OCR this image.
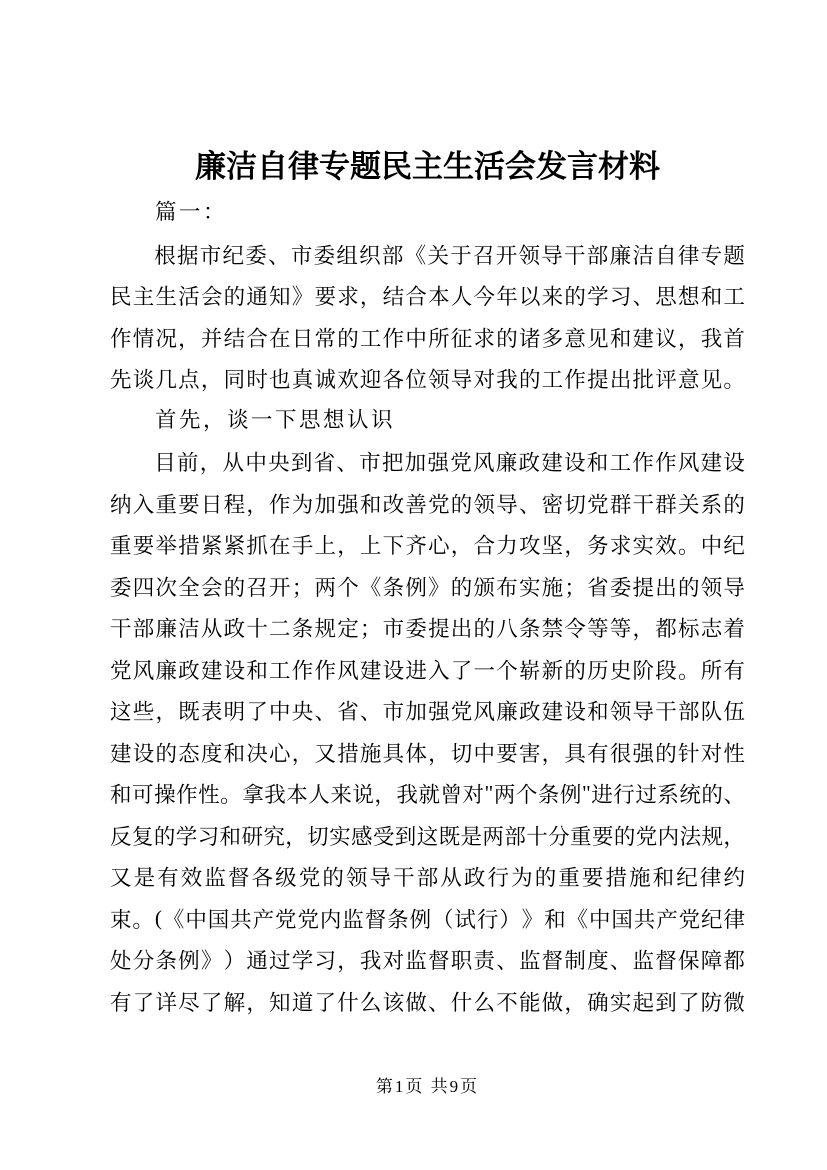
廉洁自律专题民主生活会发言材料
篇一：
根 据 市 纪 委 、 市 委 组 织 部 《 关 于 召 开 领 导 干 部 廉 洁 自 律 专 题
民 主 生 活 会 的 通 知 》 要 求 ， 结 合 本 人 今 年 以 来 的 学 习 、 思 想 和 工
作 情 况 ， 并 结 合 在 日 常 的 工 作 中 所 征 求 的 诸 多 意 见 和 建 议 ， 我 首
先 谈 几 点 ， 同 时 也 真 诚 欢 迎 各 位 领 导 对 我 的 工 作 提 出 批 评 意 见 。
首先，谈一下思想认识
目 前 ， 从 中 央 到 省 、 市 把 加 强 党 风 廉 政 建 设 和 工 作 作 风 建 设
纳 入 重 要 日 程 ， 作 为 加 强 和 改 善 党 的 领 导 、 密 切 党 群 干 群 关 系 的
重 要 举 措 紧 紧 抓 在 手 上 ， 上 下 齐 心 ， 合 力 攻 坚 ， 务 求 实 效 。 中 纪
委 四 次 全 会 的 召 开 ； 两 个 《 条 例 》 的 颁 布 实 施 ； 省 委 提 出 的 领 导
干 部 廉 洁 从 政 十 二 条 规 定 ； 市 委 提 出 的 八 条 禁 令 等 等 ， 都 标 志 着
党 风 廉 政 建 设 和 工 作 作 风 建 设 进 入 了 一 个 崭 新 的 历 史 阶 段 。 所 有
这 些 ， 既 表 明 了 中 央 、 省 、 市 加 强 党 风 廉 政 建 设 和 领 导 干 部 队 伍
建 设 的 态 度 和 决 心 ， 又 措 施 具 体 ， 切 中 要 害 ， 具 有 很 强 的 针 对 性
和 可 操 作 性 。 拿 我 本 人 来 说 ， 我 就 曾 对 " 两 个 条 例 " 进 行 过 系 统 的 、
反 复 的 学 习 和 研 究 ， 切 实 感 受 到 这 既 是 两 部 十 分 重 要 的 党 内 法 规 ，
又 是 有 效 监 督 各 级 党 的 领 导 干 部 从 政 行 为 的 重 要 措 施 和 纪 律 约
束 。 ( 《 中 国 共 产 党 党 内 监 督 条 例 （ 试 行 ） 》 和 《 中 国 共 产 党 纪 律
处 分 条 例 》 ） 通 过 学 习 ， 我 对 监 督 职 责 、 监 督 制 度 、 监 督 保 障 都
有 了 详 尽 了 解 ， 知 道 了 什 么 该 做 、 什 么 不 能 做 ， 确 实 起 到 了 防 微
第1页 共9页
